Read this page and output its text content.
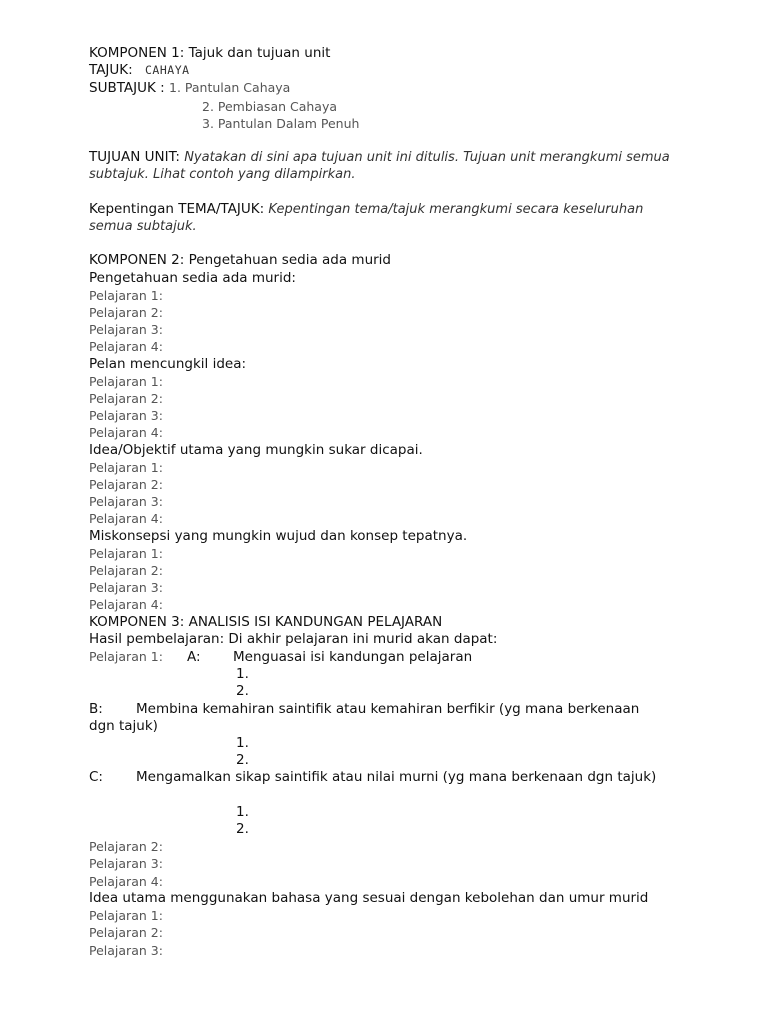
KOMPONEN 1: Tajuk dan tujuan unit

TAJUK: CAHAYA

SUBTAJUK : 1. Pantulan Cahaya

2. Pembiasan Cahaya

3. Pantulan Dalam Penuh

TUJUAN UNIT: Nyatakan di sini apa tujuan unit ini ditulis. Tujuan unit merangkumi semua subtajuk. Lihat contoh yang dilampirkan.

Kepentingan TEMA/TAJUK: Kepentingan tema/tajuk merangkumi secara keseluruhan semua subtajuk.

KOMPONEN 2: Pengetahuan sedia ada murid

Pengetahuan sedia ada murid:

Pelajaran 1:

Pelajaran 2:

Pelajaran 3:

Pelajaran 4:

Pelan mencungkil idea:

Pelajaran 1:

Pelajaran 2:

Pelajaran 3:

Pelajaran 4:

Idea/Objektif utama yang mungkin sukar dicapai.

Pelajaran 1:

Pelajaran 2:

Pelajaran 3:

Pelajaran 4:

Miskonsepsi yang mungkin wujud dan konsep tepatnya.

Pelajaran 1:

Pelajaran 2:

Pelajaran 3:

Pelajaran 4:

KOMPONEN 3: ANALISIS ISI KANDUNGAN PELAJARAN

Hasil pembelajaran: Di akhir pelajaran ini murid akan dapat:

Pelajaran 1: A: Menguasai isi kandungan pelajaran

1.

2.

B: Membina kemahiran saintifik atau kemahiran berfikir (yg mana berkenaan dgn tajuk)

1.

2.

C: Mengamalkan sikap saintifik atau nilai murni (yg mana berkenaan dgn tajuk)

1.

2.

Pelajaran 2:

Pelajaran 3:

Pelajaran 4:

Idea utama menggunakan bahasa yang sesuai dengan kebolehan dan umur murid

Pelajaran 1:

Pelajaran 2:

Pelajaran 3:
